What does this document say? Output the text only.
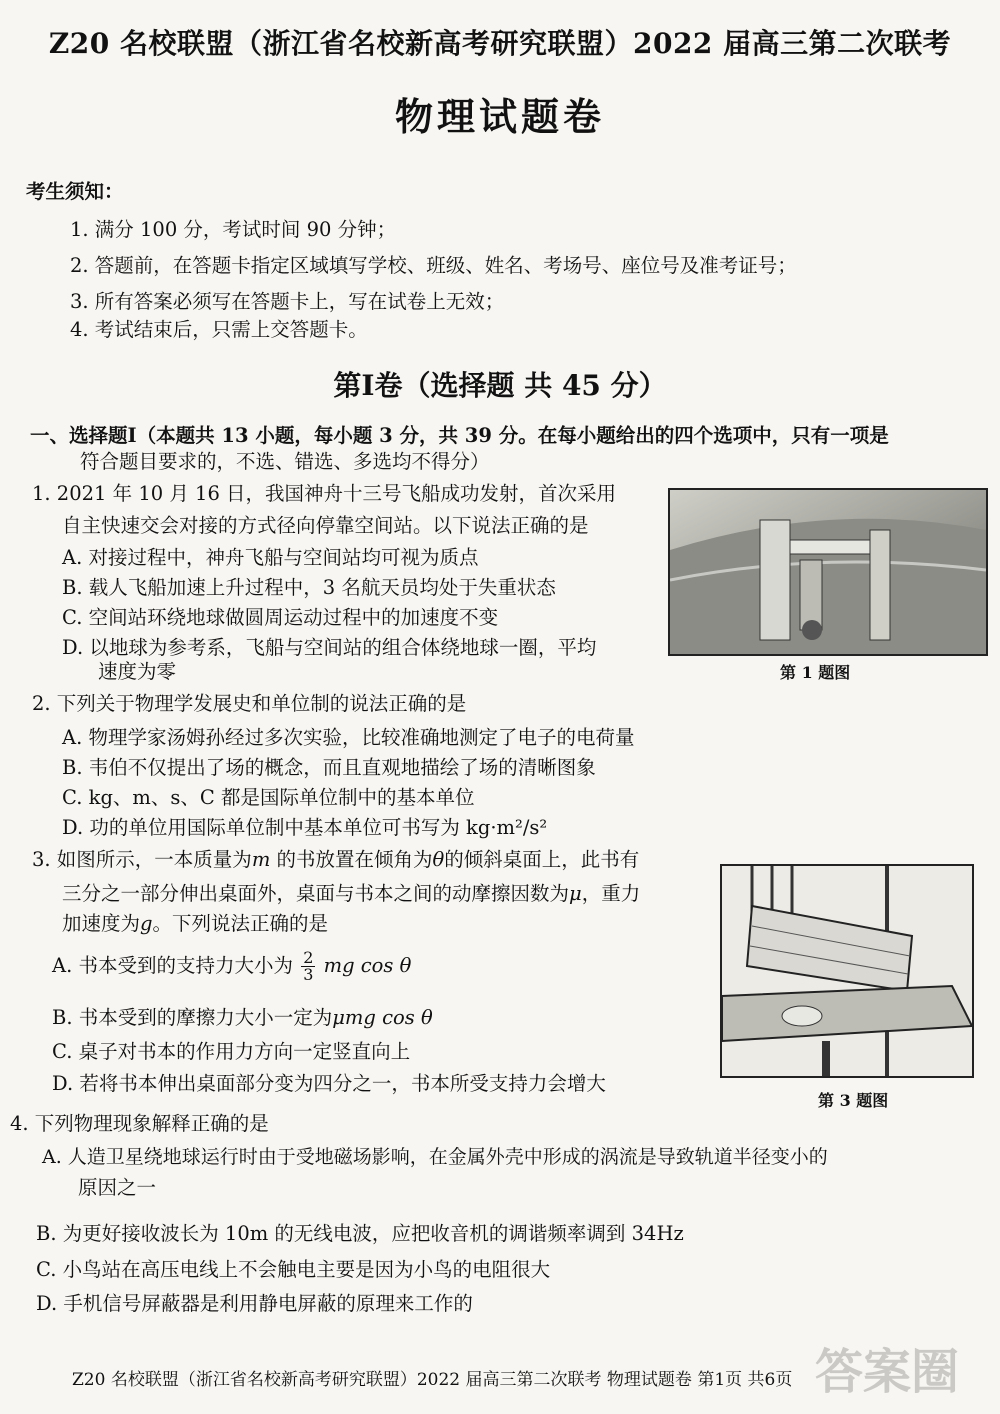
Z20 名校联盟（浙江省名校新高考研究联盟）2022 届高三第二次联考
物理试题卷
考生须知：
1. 满分 100 分，考试时间 90 分钟；
2. 答题前，在答题卡指定区域填写学校、班级、姓名、考场号、座位号及准考证号；
3. 所有答案必须写在答题卡上，写在试卷上无效；
4. 考试结束后，只需上交答题卡。
第Ⅰ卷（选择题 共 45 分）
一、选择题Ⅰ（本题共 13 小题，每小题 3 分，共 39 分。在每小题给出的四个选项中，只有一项是
符合题目要求的，不选、错选、多选均不得分）
1. 2021 年 10 月 16 日，我国神舟十三号飞船成功发射，首次采用
自主快速交会对接的方式径向停靠空间站。以下说法正确的是
A. 对接过程中，神舟飞船与空间站均可视为质点
B. 载人飞船加速上升过程中，3 名航天员均处于失重状态
C. 空间站环绕地球做圆周运动过程中的加速度不变
D. 以地球为参考系，飞船与空间站的组合体绕地球一圈，平均
速度为零	第 1 题图
2. 下列关于物理学发展史和单位制的说法正确的是
A. 物理学家汤姆孙经过多次实验，比较准确地测定了电子的电荷量
B. 韦伯不仅提出了场的概念，而且直观地描绘了场的清晰图象
C. kg、m、s、C 都是国际单位制中的基本单位
D. 功的单位用国际单位制中基本单位可书写为 kg·m²/s²
3. 如图所示，一本质量为m 的书放置在倾角为θ的倾斜桌面上，此书有
三分之一部分伸出桌面外，桌面与书本之间的动摩擦因数为μ，重力
加速度为g。下列说法正确的是
A. 书本受到的支持力大小为 $\frac{2}{3}$ mg cos θ
B. 书本受到的摩擦力大小一定为μmg cos θ
C. 桌子对书本的作用力方向一定竖直向上
D. 若将书本伸出桌面部分变为四分之一，书本所受支持力会增大
第 3 题图
4. 下列物理现象解释正确的是
A. 人造卫星绕地球运行时由于受地磁场影响，在金属外壳中形成的涡流是导致轨道半径变小的
原因之一
B. 为更好接收波长为 10m 的无线电波，应把收音机的调谐频率调到 34Hz
C. 小鸟站在高压电线上不会触电主要是因为小鸟的电阻很大
D. 手机信号屏蔽器是利用静电屏蔽的原理来工作的
Z20 名校联盟（浙江省名校新高考研究联盟）2022 届高三第二次联考 物理试题卷 第1页 共6页 答案圈
